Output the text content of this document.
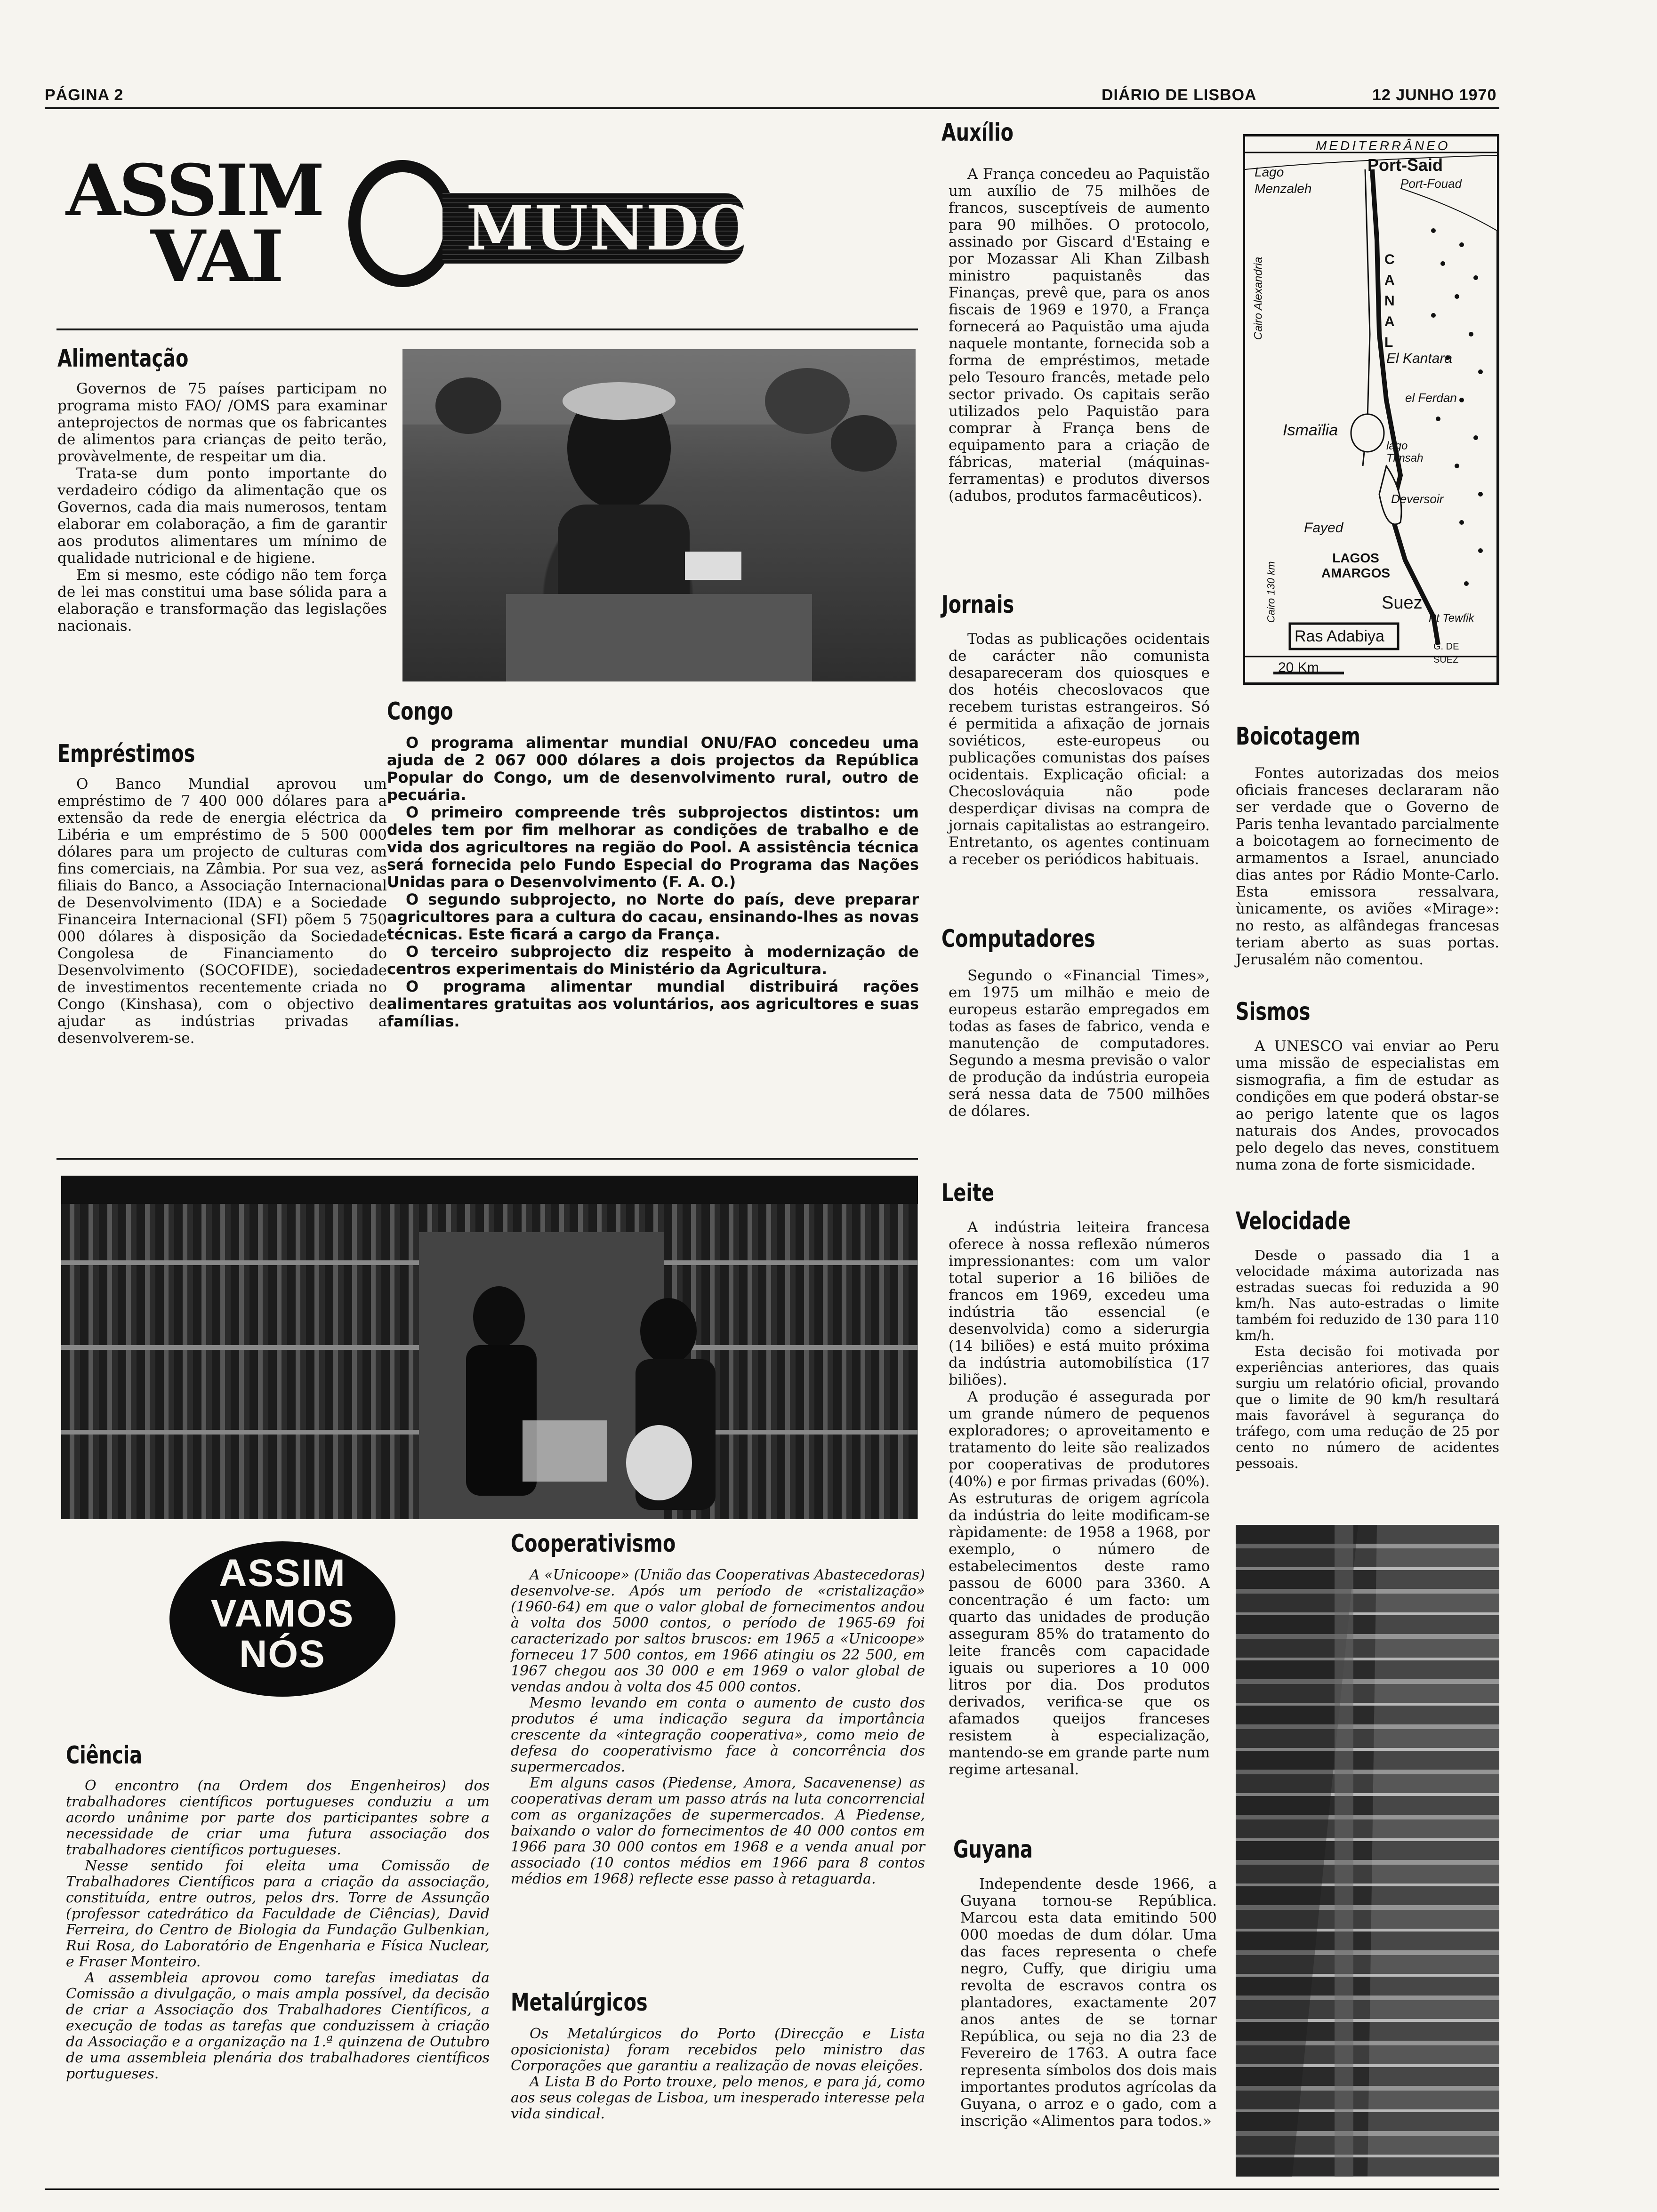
PÁGINA 2	DIÁRIO DE LISBOA	12 JUNHO 1970
ASSIM
VAI	MUNDO
Alimentação

Governos de 75 países participam no programa misto FAO/ /OMS para examinar anteprojectos de normas que os fabricantes de alimentos para crianças de peito terão, provàvelmente, de respeitar um dia.

Trata-se dum ponto importante do verdadeiro código da alimentação que os Governos, cada dia mais numerosos, tentam elaborar em colaboração, a fim de garantir aos produtos alimentares um mínimo de qualidade nutricional e de higiene.

Em si mesmo, este código não tem força de lei mas constitui uma base sólida para a elaboração e transformação das legislações nacionais.

Empréstimos

O Banco Mundial aprovou um empréstimo de 7 400 000 dólares para a extensão da rede de energia eléctrica da Libéria e um empréstimo de 5 500 000 dólares para um projecto de culturas com fins comerciais, na Zâmbia. Por sua vez, as filiais do Banco, a Associação Internacional de Desenvolvimento (IDA) e a Sociedade Financeira Internacional (SFI) põem 5 750 000 dólares à disposição da Sociedade Congolesa de Financiamento do Desenvolvimento (SOCOFIDE), sociedade de investimentos recentemente criada no Congo (Kinshasa), com o objectivo de ajudar as indústrias privadas a desenvolverem-se.

Congo

O programa alimentar mundial ONU/FAO concedeu uma ajuda de 2 067 000 dólares a dois projectos da República Popular do Congo, um de desenvolvimento rural, outro de pecuária.

O primeiro compreende três subprojectos distintos: um deles tem por fim melhorar as condições de trabalho e de vida dos agricultores na região do Pool. A assistência técnica será fornecida pelo Fundo Especial do Programa das Nações Unidas para o Desenvolvimento (F. A. O.)

O segundo subprojecto, no Norte do país, deve preparar agricultores para a cultura do cacau, ensinando-lhes as novas técnicas. Este ficará a cargo da França.

O terceiro subprojecto diz respeito à modernização de centros experimentais do Ministério da Agricultura.

O programa alimentar mundial distribuirá rações alimentares gratuitas aos voluntários, aos agricultores e suas famílias.

ASSIM
VAMOS
NÓS
Ciência

O encontro (na Ordem dos Engenheiros) dos trabalhadores científicos portugueses conduziu a um acordo unânime por parte dos participantes sobre a necessidade de criar uma futura associação dos trabalhadores científicos portugueses.

Nesse sentido foi eleita uma Comissão de Trabalhadores Científicos para a criação da associação, constituída, entre outros, pelos drs. Torre de Assunção (professor catedrático da Faculdade de Ciências), David Ferreira, do Centro de Biologia da Fundação Gulbenkian, Rui Rosa, do Laboratório de Engenharia e Física Nuclear, e Fraser Monteiro.

A assembleia aprovou como tarefas imediatas da Comissão a divulgação, o mais ampla possível, da decisão de criar a Associação dos Trabalhadores Científicos, a execução de todas as tarefas que conduzissem à criação da Associação e a organização na 1.ª quinzena de Outubro de uma assembleia plenária dos trabalhadores científicos portugueses.

Cooperativismo

A «Unicoope» (União das Cooperativas Abastecedoras) desenvolve-se. Após um período de «cristalização» (1960-64) em que o valor global de fornecimentos andou à volta dos 5000 contos, o período de 1965-69 foi caracterizado por saltos bruscos: em 1965 a «Unicoope» forneceu 17 500 contos, em 1966 atingiu os 22 500, em 1967 chegou aos 30 000 e em 1969 o valor global de vendas andou à volta dos 45 000 contos.

Mesmo levando em conta o aumento de custo dos produtos é uma indicação segura da importância crescente da «integração cooperativa», como meio de defesa do cooperativismo face à concorrência dos supermercados.

Em alguns casos (Piedense, Amora, Sacavenense) as cooperativas deram um passo atrás na luta concorrencial com as organizações de supermercados. A Piedense, baixando o valor do fornecimentos de 40 000 contos em 1966 para 30 000 contos em 1968 e a venda anual por associado (10 contos médios em 1966 para 8 contos médios em 1968) reflecte esse passo à retaguarda.

Metalúrgicos

Os Metalúrgicos do Porto (Direcção e Lista oposicionista) foram recebidos pelo ministro das Corporações que garantiu a realização de novas eleições.

A Lista B do Porto trouxe, pelo menos, e para já, como aos seus colegas de Lisboa, um inesperado interesse pela vida sindical.

Auxílio

A França concedeu ao Paquistão um auxílio de 75 milhões de francos, susceptíveis de aumento para 90 milhões. O protocolo, assinado por Giscard d'Estaing e por Mozassar Ali Khan Zilbash ministro paquistanês das Finanças, prevê que, para os anos fiscais de 1969 e 1970, a França fornecerá ao Paquistão uma ajuda naquele montante, fornecida sob a forma de empréstimos, metade pelo Tesouro francês, metade pelo sector privado. Os capitais serão utilizados pelo Paquistão para comprar à França bens de equipamento para a criação de fábricas, material (máquinas-ferramentas) e produtos diversos (adubos, produtos farmacêuticos).

Jornais

Todas as publicações ocidentais de carácter não comunista desapareceram dos quiosques e dos hotéis checoslovacos que recebem turistas estrangeiros. Só é permitida a afixação de jornais soviéticos, este-europeus ou publicações comunistas dos países ocidentais. Explicação oficial: a Checoslováquia não pode desperdiçar divisas na compra de jornais capitalistas ao estrangeiro. Entretanto, os agentes continuam a receber os periódicos habituais.

Computadores

Segundo o «Financial Times», em 1975 um milhão e meio de europeus estarão empregados em todas as fases de fabrico, venda e manutenção de computadores. Segundo a mesma previsão o valor de produção da indústria europeia será nessa data de 7500 milhões de dólares.

Leite

A indústria leiteira francesa oferece à nossa reflexão números impressionantes: com um valor total superior a 16 biliões de francos em 1969, excedeu uma indústria tão essencial (e desenvolvida) como a siderurgia (14 biliões) e está muito próxima da indústria automobilística (17 biliões).

A produção é assegurada por um grande número de pequenos exploradores; o aproveitamento e tratamento do leite são realizados por cooperativas de produtores (40%) e por firmas privadas (60%). As estruturas de origem agrícola da indústria do leite modificam-se ràpidamente: de 1958 a 1968, por exemplo, o número de estabelecimentos deste ramo passou de 6000 para 3360. A concentração é um facto: um quarto das unidades de produção asseguram 85% do tratamento do leite francês com capacidade iguais ou superiores a 10 000 litros por dia. Dos produtos derivados, verifica-se que os afamados queijos franceses resistem à especialização, mantendo-se em grande parte num regime artesanal.

Guyana

Independente desde 1966, a Guyana tornou-se República. Marcou esta data emitindo 500 000 moedas de dum dólar. Uma das faces representa o chefe negro, Cuffy, que dirigiu uma revolta de escravos contra os plantadores, exactamente 207 anos antes de se tornar República, ou seja no dia 23 de Fevereiro de 1763. A outra face representa símbolos dos dois mais importantes produtos agrícolas da Guyana, o arroz e o gado, com a inscrição «Alimentos para todos.»

MEDITERRÂNEO
Port-Said
Port-Fouad
Lago
Menzaleh
CANAL
El Kantara
el Ferdan
Ismaïlia
lago Timsah
Deversoir
Fayed
LAGOS AMARGOS
Cairo Alexandria
Cairo 130 km	Suez
Pt Tewfik
Ras Adabiya
G. DE SUEZ
20 Km
Boicotagem

Fontes autorizadas dos meios oficiais franceses declararam não ser verdade que o Governo de Paris tenha levantado parcialmente a boicotagem ao fornecimento de armamentos a Israel, anunciado dias antes por Rádio Monte-Carlo. Esta emissora ressalvara, ùnicamente, os aviões «Mirage»: no resto, as alfândegas francesas teriam aberto as suas portas. Jerusalém não comentou.

Sismos

A UNESCO vai enviar ao Peru uma missão de especialistas em sismografia, a fim de estudar as condições em que poderá obstar-se ao perigo latente que os lagos naturais dos Andes, provocados pelo degelo das neves, constituem numa zona de forte sismicidade.

Velocidade

Desde o passado dia 1 a velocidade máxima autorizada nas estradas suecas foi reduzida a 90 km/h. Nas auto-estradas o limite também foi reduzido de 130 para 110 km/h.

Esta decisão foi motivada por experiências anteriores, das quais surgiu um relatório oficial, provando que o limite de 90 km/h resultará mais favorável à segurança do tráfego, com uma redução de 25 por cento no número de acidentes pessoais.
